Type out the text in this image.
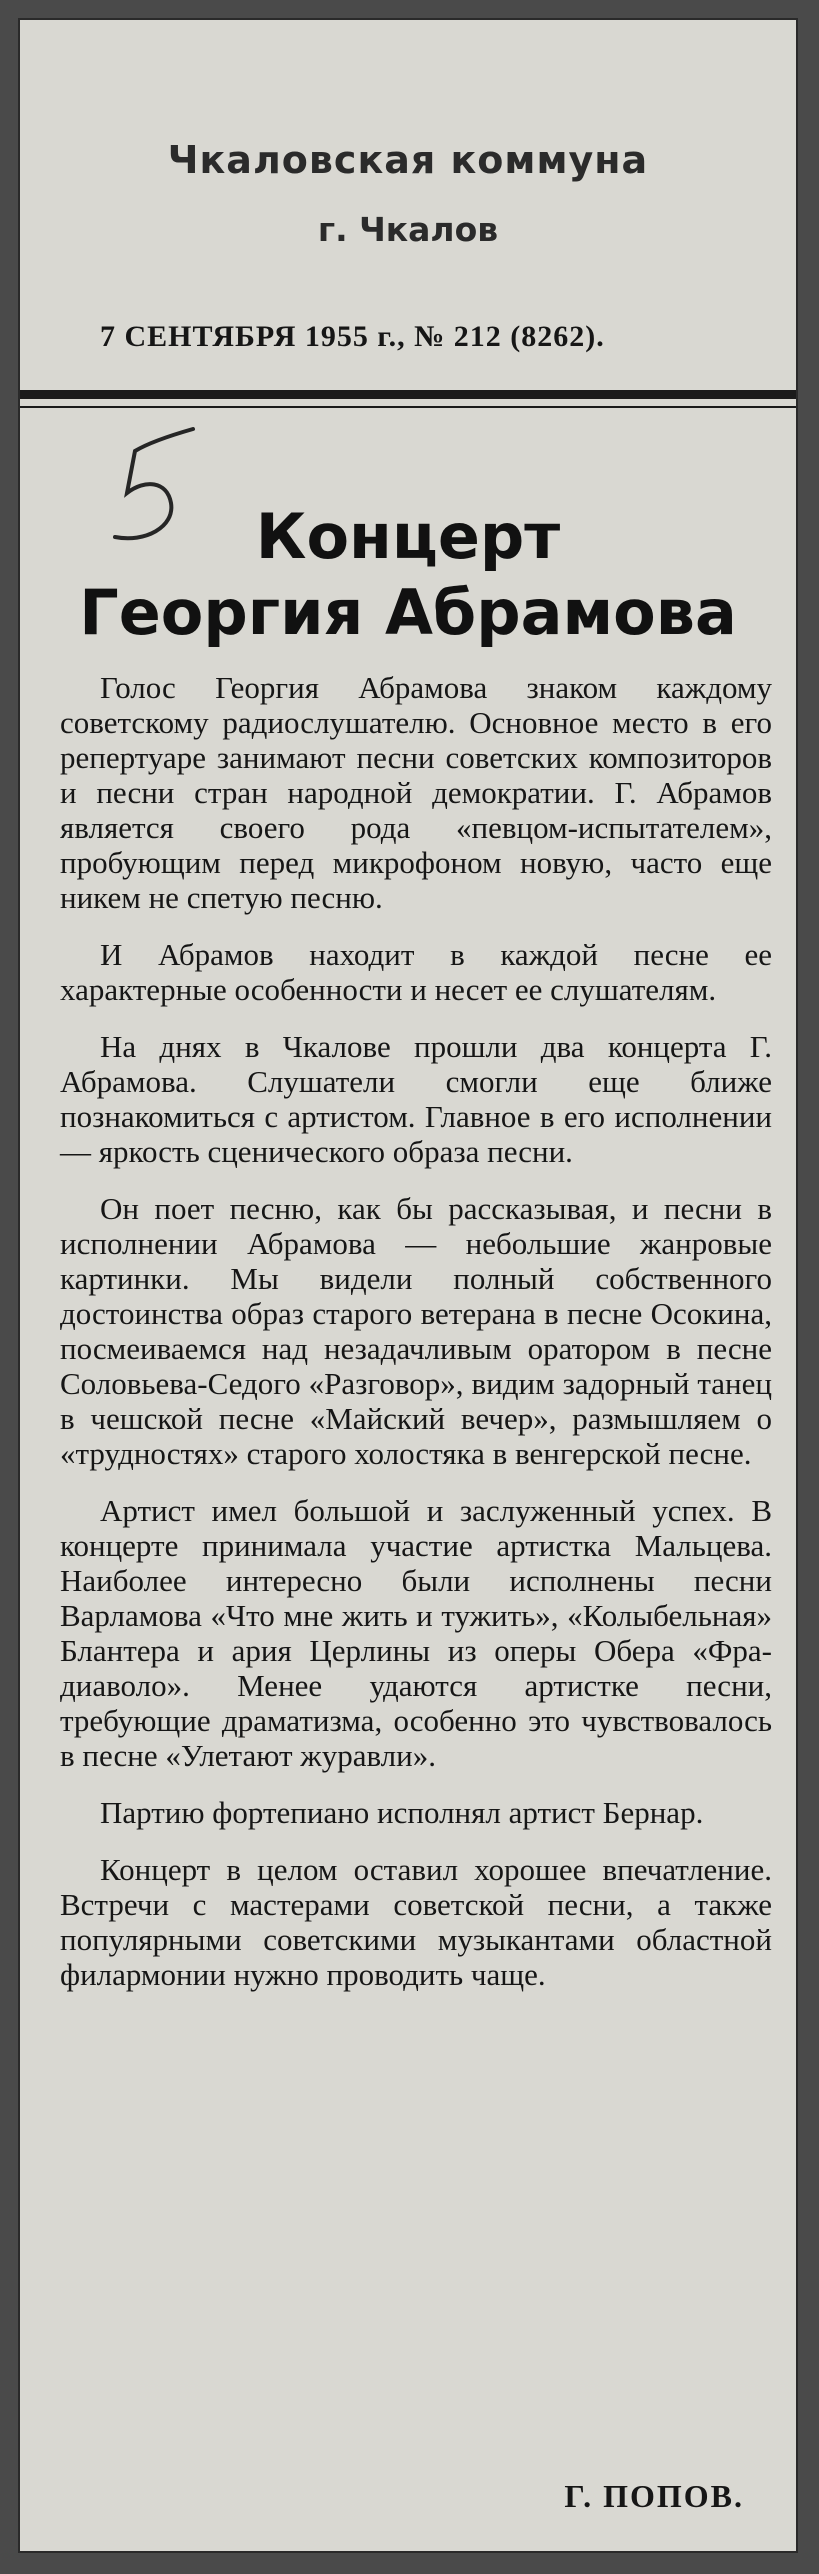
Чкаловская коммуна
г. Чкалов
7 СЕНТЯБРЯ 1955 г., № 212 (8262).
Концерт
Георгия Абрамова

Голос Георгия Абрамова знаком каждому советскому радиослушателю. Основное место в его репертуаре занимают песни советских композиторов и песни стран народной демократии. Г. Абрамов является своего рода «певцом-испытателем», пробующим перед микрофоном новую, часто еще никем не спетую песню.

И Абрамов находит в каждой песне ее характерные особенности и несет ее слушателям.

На днях в Чкалове прошли два концерта Г. Абрамова. Слушатели смогли еще ближе познакомиться с артистом. Главное в его исполнении — яркость сценического образа песни.

Он поет песню, как бы рассказывая, и песни в исполнении Абрамова — небольшие жанровые картинки. Мы видели полный собственного достоинства образ старого ветерана в песне Осокина, посмеиваемся над незадачливым оратором в песне Соловьева-Седого «Разговор», видим задорный танец в чешской песне «Майский вечер», размышляем о «трудностях» старого холостяка в венгерской песне.

Артист имел большой и заслуженный успех. В концерте принимала участие артистка Мальцева. Наиболее интересно были исполнены песни Варламова «Что мне жить и тужить», «Колыбельная» Блантера и ария Церлины из оперы Обера «Фра-диаволо». Менее удаются артистке песни, требующие драматизма, особенно это чувствовалось в песне «Улетают журавли».

Партию фортепиано исполнял артист Бернар.

Концерт в целом оставил хорошее впечатление. Встречи с мастерами советской песни, а также популярными советскими музыкантами областной филармонии нужно проводить чаще.

Г. ПОПОВ.
